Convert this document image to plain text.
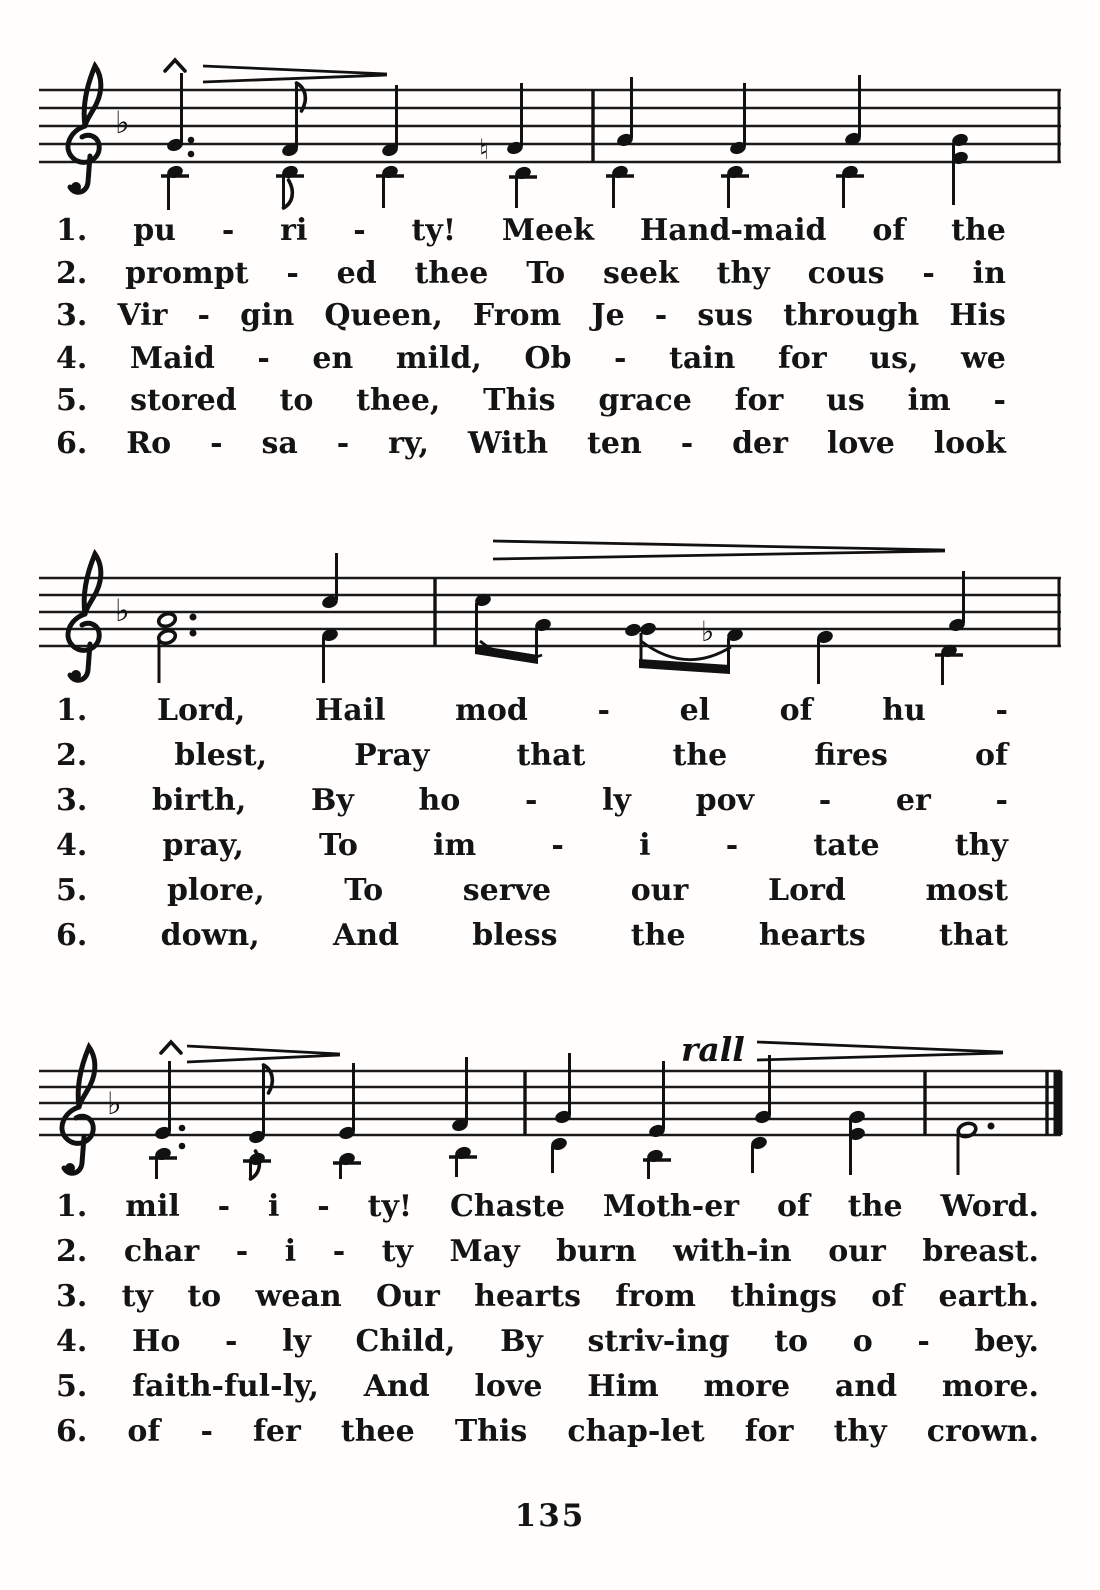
♭
♮
♭
♭
♭
rall
1. pu - ri - ty! Meek Hand-maid of the
2. prompt - ed thee To seek thy cous - in
3. Vir - gin Queen, From Je - sus through His
4. Maid - en mild, Ob - tain for us, we
5. stored to thee, This grace for us im -
6. Ro - sa - ry, With ten - der love look
1. Lord, Hail mod - el of hu -
2.	blest,	Pray	that	the	fires	of
3. birth, By ho - ly pov - er -
4.	pray,	To	im	-	i	-	tate	thy
5.	plore,	To	serve	our	Lord	most
6. down, And bless the hearts that
1. mil - i - ty! Chaste Moth-er of the Word.
2. char - i - ty May burn with-in our breast.
3. ty to wean Our hearts from things of earth.
4. Ho - ly Child, By striv-ing to o - bey.
5. faith-ful-ly, And love Him more and more.
6. of - fer thee This chap-let for thy crown.
135
